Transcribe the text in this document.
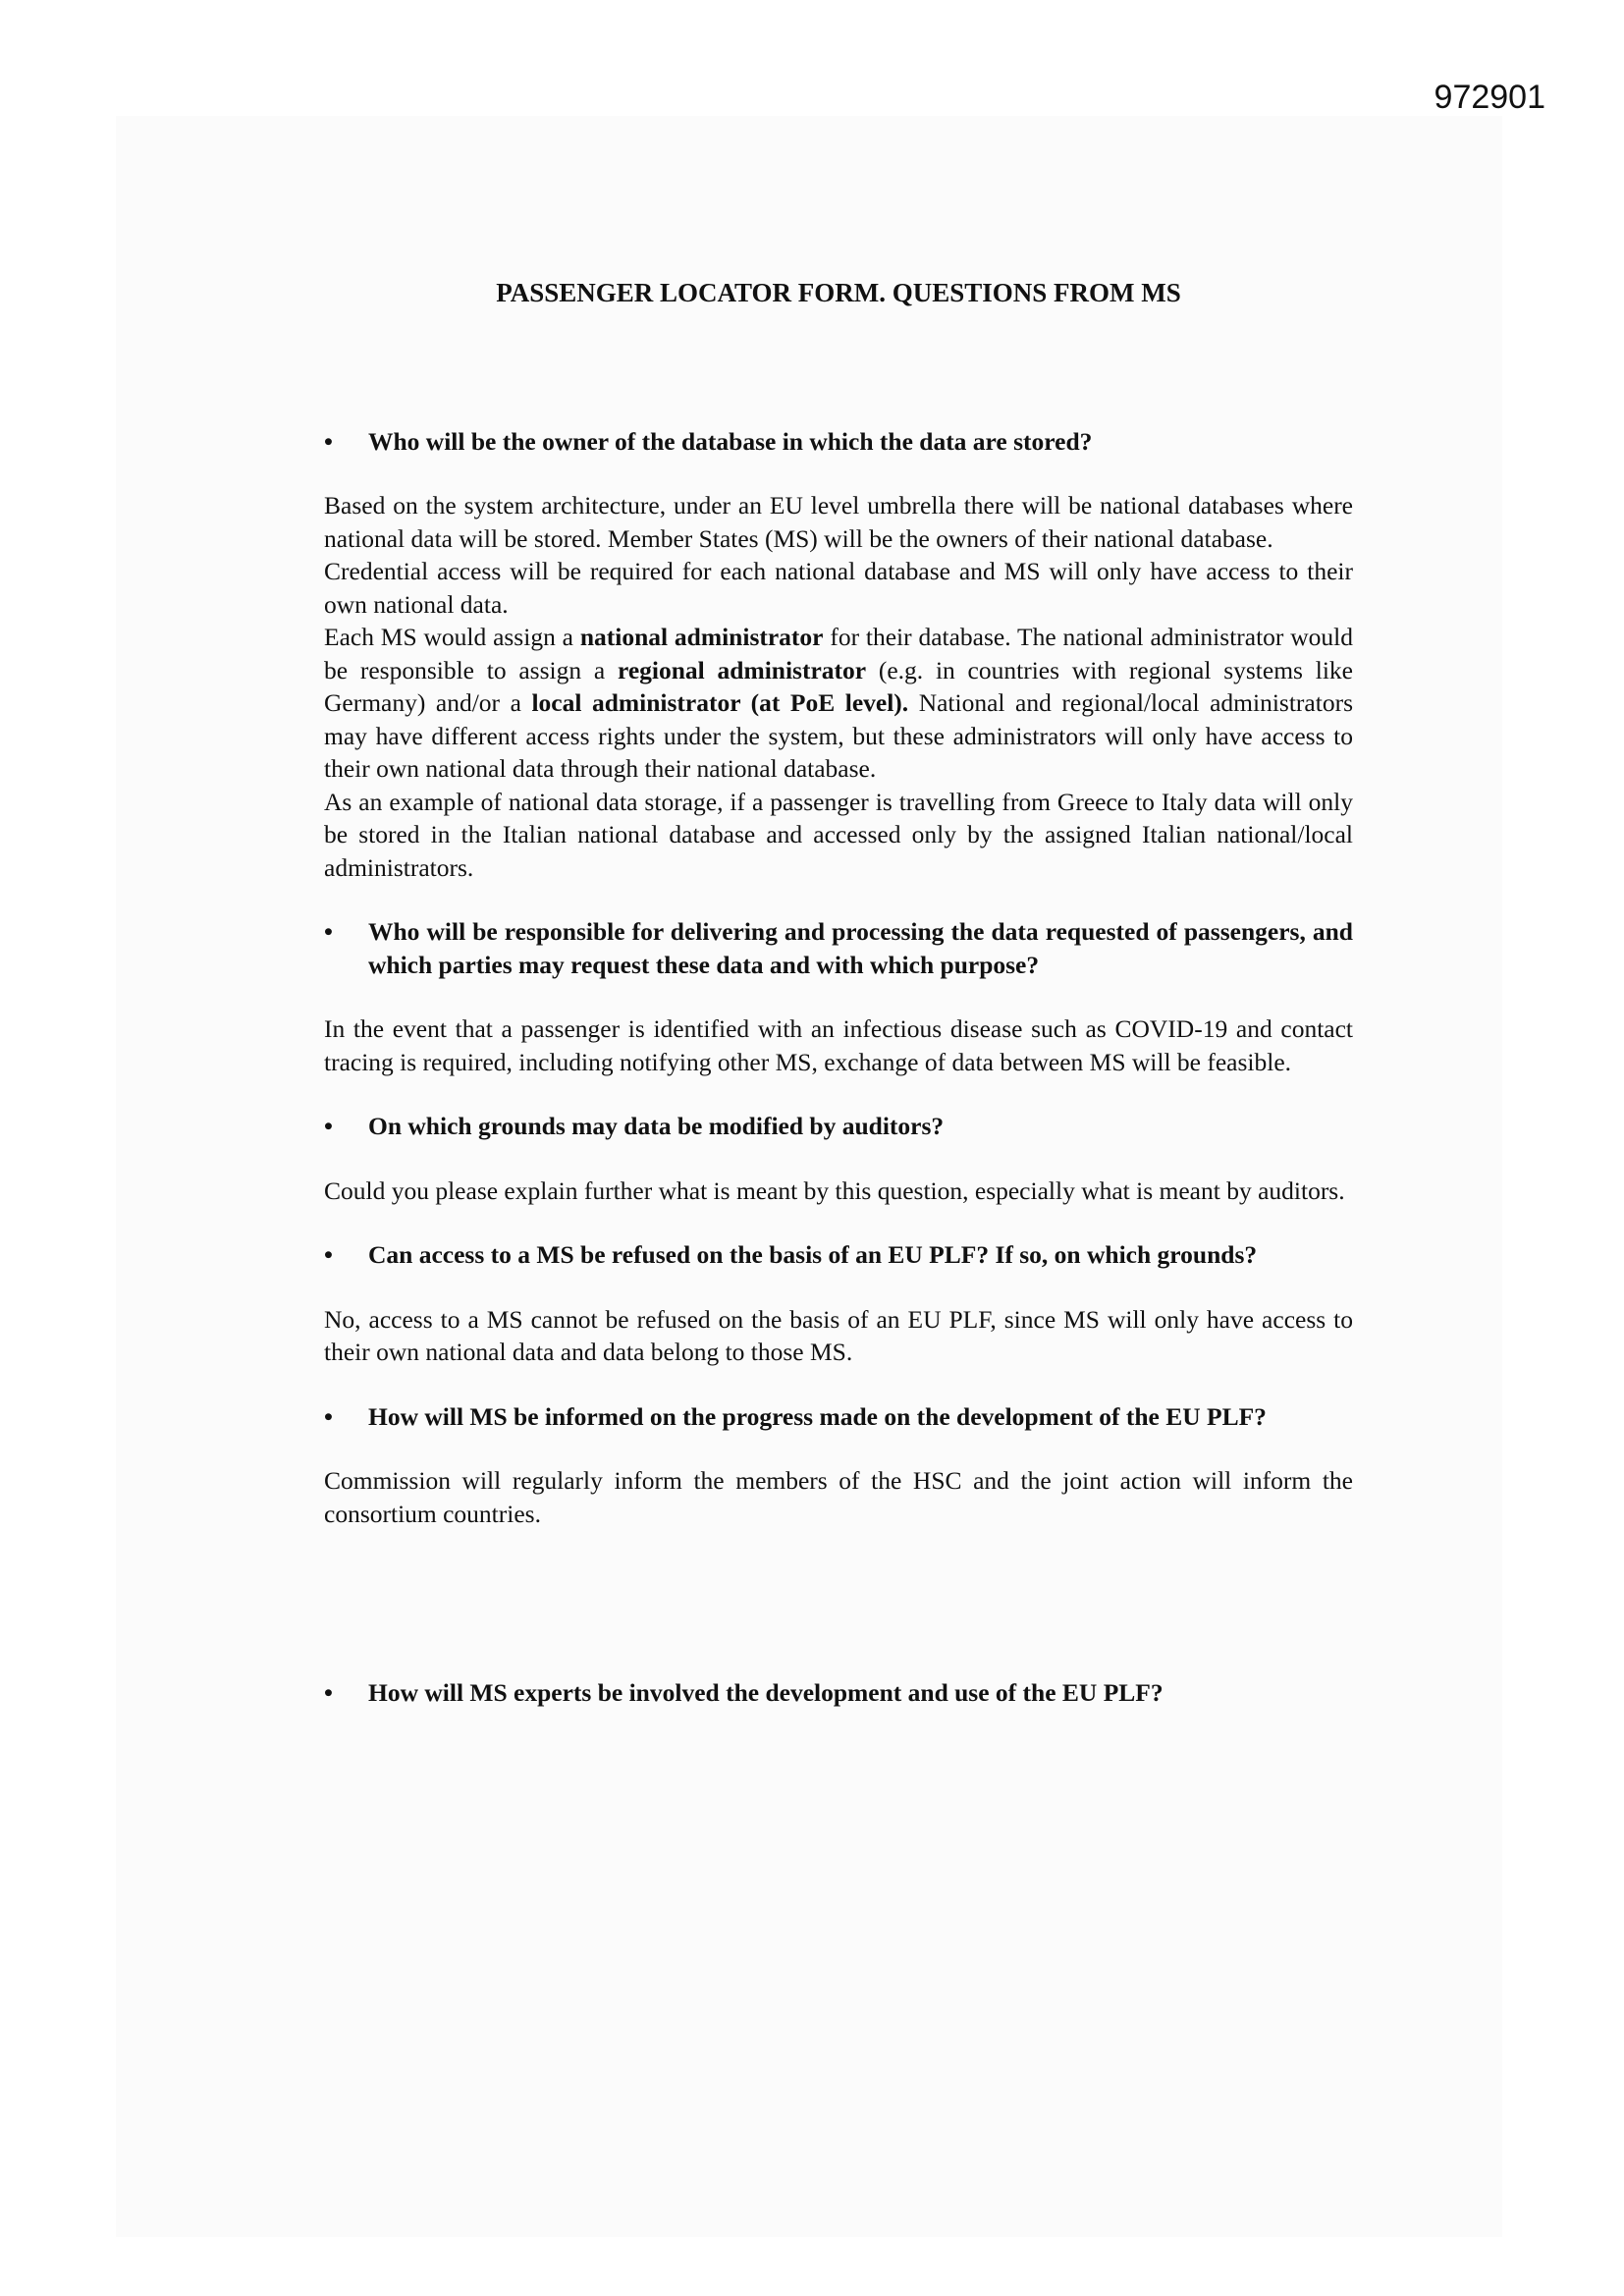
972901
PASSENGER LOCATOR FORM. QUESTIONS FROM MS
• Who will be the owner of the database in which the data are stored?

Based on the system architecture, under an EU level umbrella there will be national databases where national data will be stored. Member States (MS) will be the owners of their national database.

Credential access will be required for each national database and MS will only have access to their own national data.

Each MS would assign a national administrator for their database. The national administrator would be responsible to assign a regional administrator (e.g. in countries with regional systems like Germany) and/or a local administrator (at PoE level). National and regional/local administrators may have different access rights under the system, but these administrators will only have access to their own national data through their national database.

As an example of national data storage, if a passenger is travelling from Greece to Italy data will only be stored in the Italian national database and accessed only by the assigned Italian national/local administrators.

• Who will be responsible for delivering and processing the data requested of passengers, and which parties may request these data and with which purpose?

In the event that a passenger is identified with an infectious disease such as COVID-19 and contact tracing is required, including notifying other MS, exchange of data between MS will be feasible.

• On which grounds may data be modified by auditors?

Could you please explain further what is meant by this question, especially what is meant by auditors.

• Can access to a MS be refused on the basis of an EU PLF? If so, on which grounds?

No, access to a MS cannot be refused on the basis of an EU PLF, since MS will only have access to their own national data and data belong to those MS.

• How will MS be informed on the progress made on the development of the EU PLF?

Commission will regularly inform the members of the HSC and the joint action will inform the consortium countries.

• How will MS experts be involved the development and use of the EU PLF?
